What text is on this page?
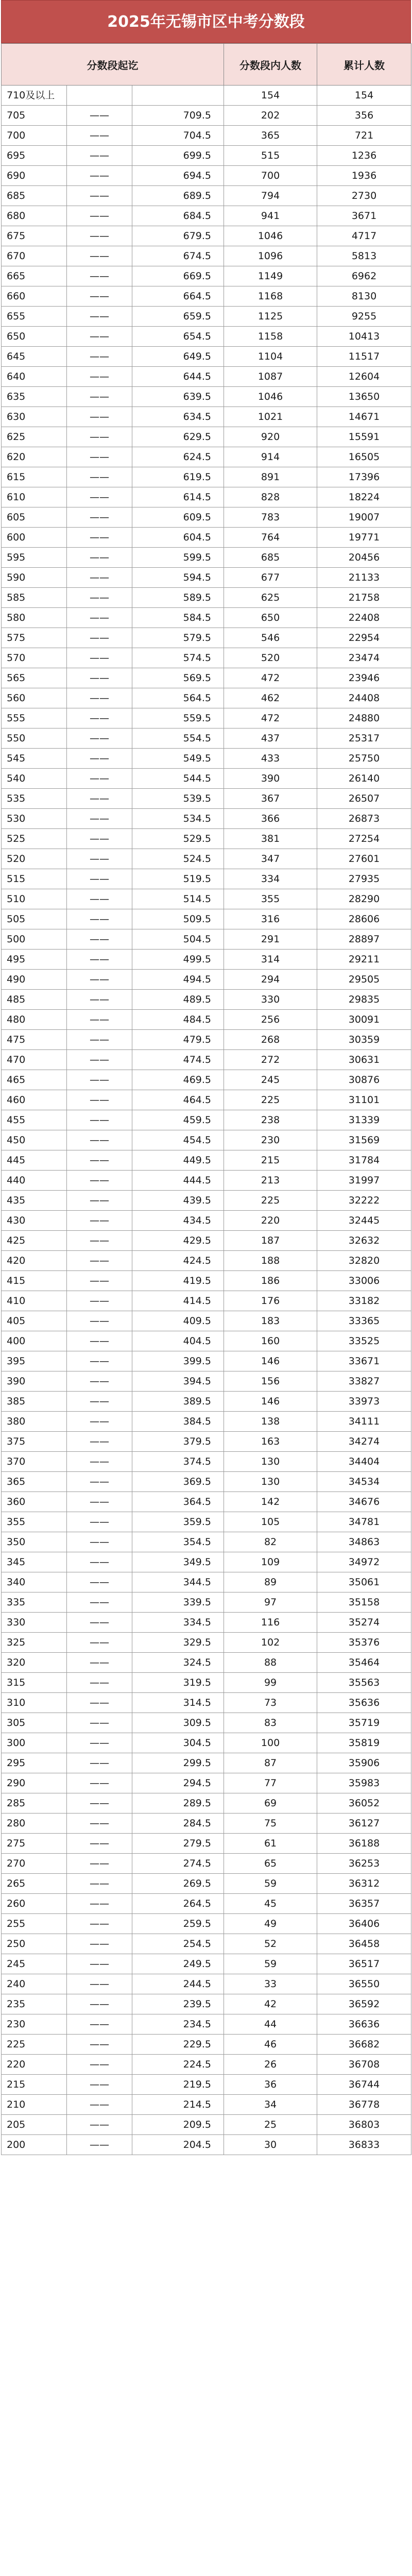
2025年无锡市区中考分数段
分数段起讫			分数段内人数	累计人数
710及以上			154	154
705	——	709.5	202	356
700	——	704.5	365	721
695	——	699.5	515	1236
690	——	694.5	700	1936
685	——	689.5	794	2730
680	——	684.5	941	3671
675	——	679.5	1046	4717
670	——	674.5	1096	5813
665	——	669.5	1149	6962
660	——	664.5	1168	8130
655	——	659.5	1125	9255
650	——	654.5	1158	10413
645	——	649.5	1104	11517
640	——	644.5	1087	12604
635	——	639.5	1046	13650
630	——	634.5	1021	14671
625	——	629.5	920	15591
620	——	624.5	914	16505
615	——	619.5	891	17396
610	——	614.5	828	18224
605	——	609.5	783	19007
600	——	604.5	764	19771
595	——	599.5	685	20456
590	——	594.5	677	21133
585	——	589.5	625	21758
580	——	584.5	650	22408
575	——	579.5	546	22954
570	——	574.5	520	23474
565	——	569.5	472	23946
560	——	564.5	462	24408
555	——	559.5	472	24880
550	——	554.5	437	25317
545	——	549.5	433	25750
540	——	544.5	390	26140
535	——	539.5	367	26507
530	——	534.5	366	26873
525	——	529.5	381	27254
520	——	524.5	347	27601
515	——	519.5	334	27935
510	——	514.5	355	28290
505	——	509.5	316	28606
500	——	504.5	291	28897
495	——	499.5	314	29211
490	——	494.5	294	29505
485	——	489.5	330	29835
480	——	484.5	256	30091
475	——	479.5	268	30359
470	——	474.5	272	30631
465	——	469.5	245	30876
460	——	464.5	225	31101
455	——	459.5	238	31339
450	——	454.5	230	31569
445	——	449.5	215	31784
440	——	444.5	213	31997
435	——	439.5	225	32222
430	——	434.5	220	32445
425	——	429.5	187	32632
420	——	424.5	188	32820
415	——	419.5	186	33006
410	——	414.5	176	33182
405	——	409.5	183	33365
400	——	404.5	160	33525
395	——	399.5	146	33671
390	——	394.5	156	33827
385	——	389.5	146	33973
380	——	384.5	138	34111
375	——	379.5	163	34274
370	——	374.5	130	34404
365	——	369.5	130	34534
360	——	364.5	142	34676
355	——	359.5	105	34781
350	——	354.5	82	34863
345	——	349.5	109	34972
340	——	344.5	89	35061
335	——	339.5	97	35158
330	——	334.5	116	35274
325	——	329.5	102	35376
320	——	324.5	88	35464
315	——	319.5	99	35563
310	——	314.5	73	35636
305	——	309.5	83	35719
300	——	304.5	100	35819
295	——	299.5	87	35906
290	——	294.5	77	35983
285	——	289.5	69	36052
280	——	284.5	75	36127
275	——	279.5	61	36188
270	——	274.5	65	36253
265	——	269.5	59	36312
260	——	264.5	45	36357
255	——	259.5	49	36406
250	——	254.5	52	36458
245	——	249.5	59	36517
240	——	244.5	33	36550
235	——	239.5	42	36592
230	——	234.5	44	36636
225	——	229.5	46	36682
220	——	224.5	26	36708
215	——	219.5	36	36744
210	——	214.5	34	36778
205	——	209.5	25	36803
200	——	204.5	30	36833
